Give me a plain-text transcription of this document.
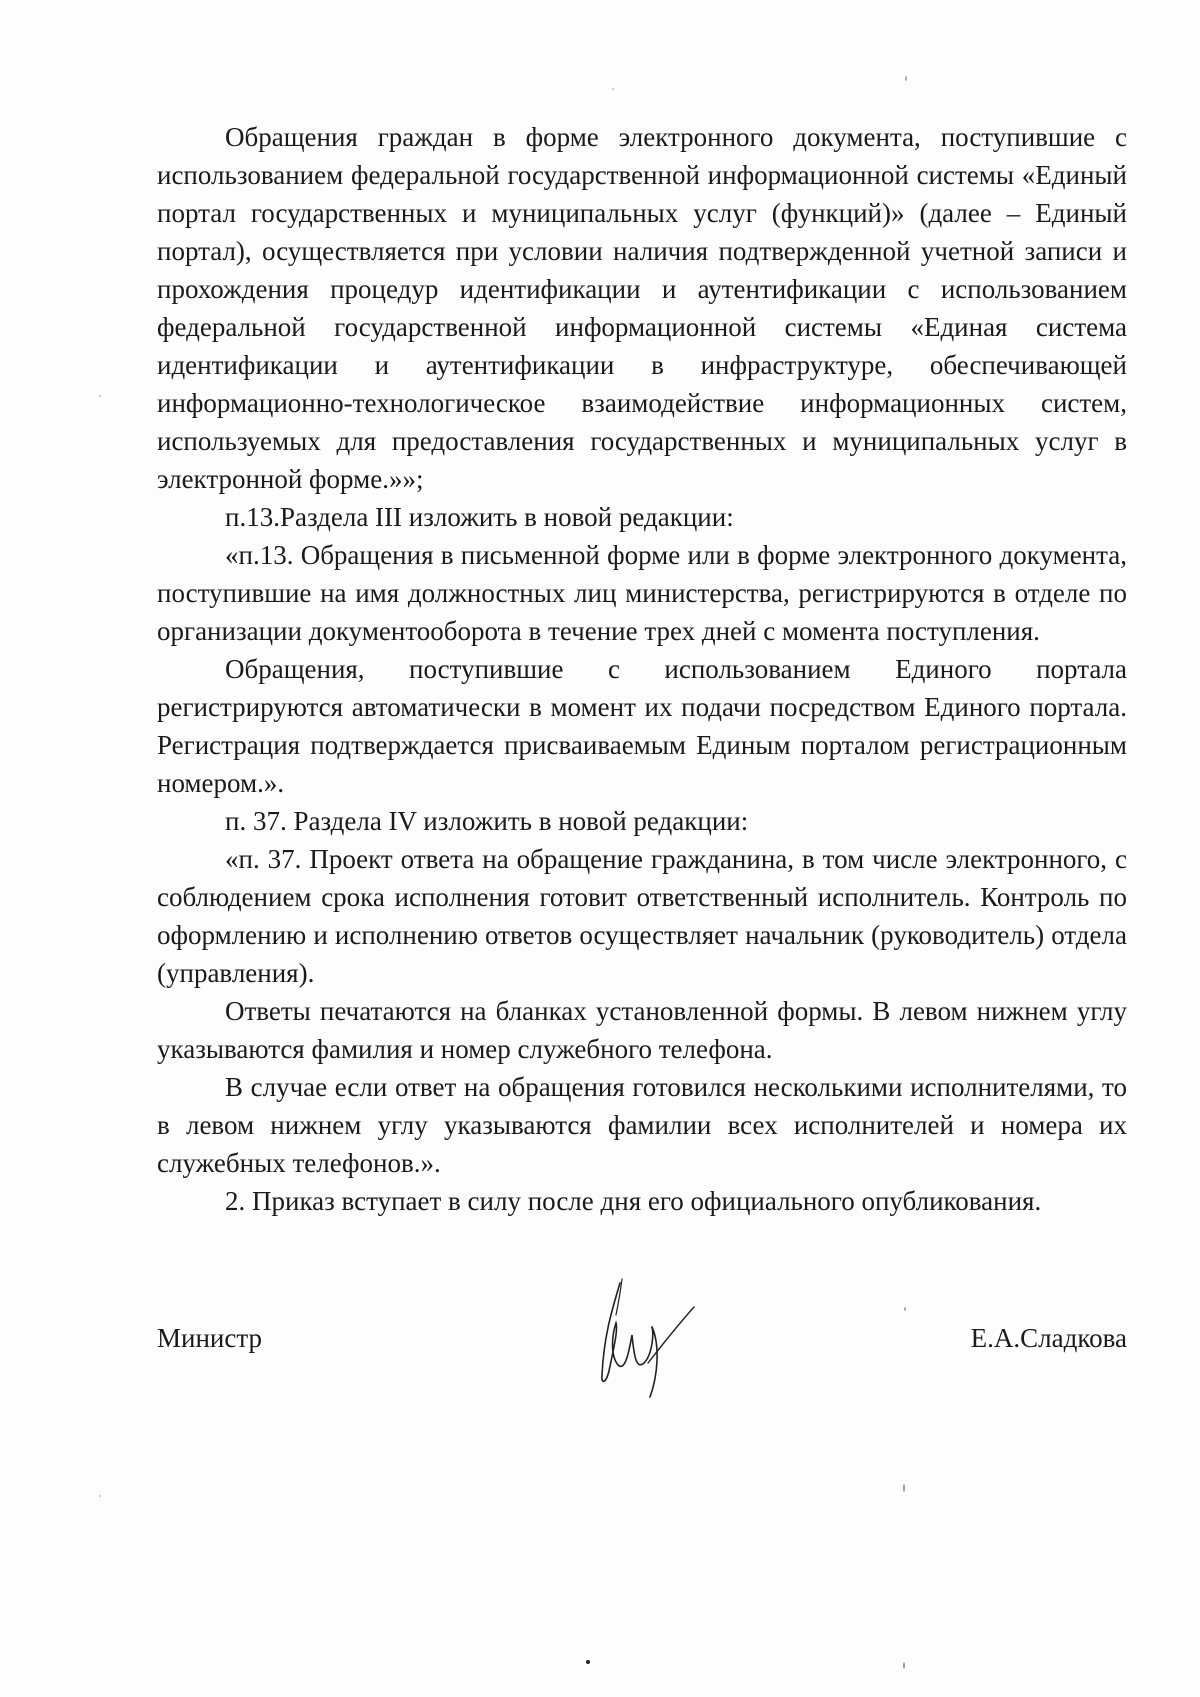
Обращения граждан в форме электронного документа, поступившие с использованием федеральной государственной информационной системы «Единый портал государственных и муниципальных услуг (функций)» (далее – Единый портал), осуществляется при условии наличия подтвержденной учетной записи и прохождения процедур идентификации и аутентификации с использованием федеральной государственной информационной системы «Единая система идентификации и аутентификации в инфраструктуре, обеспечивающей информационно-технологическое взаимодействие информационных систем, используемых для предоставления государственных и муниципальных услуг в электронной форме.»»;

п.13.Раздела III изложить в новой редакции:

«п.13. Обращения в письменной форме или в форме электронного документа, поступившие на имя должностных лиц министерства, регистрируются в отделе по организации документооборота в течение трех дней с момента поступления.

Обращения, поступившие с использованием Единого портала регистрируются автоматически в момент их подачи посредством Единого портала. Регистрация подтверждается присваиваемым Единым порталом регистрационным номером.».

п. 37. Раздела IV изложить в новой редакции:

«п. 37. Проект ответа на обращение гражданина, в том числе электронного, с соблюдением срока исполнения готовит ответственный исполнитель. Контроль по оформлению и исполнению ответов осуществляет начальник (руководитель) отдела (управления).

Ответы печатаются на бланках установленной формы. В левом нижнем углу указываются фамилия и номер служебного телефона.

В случае если ответ на обращения готовился несколькими исполнителями, то в левом нижнем углу указываются фамилии всех исполнителей и номера их служебных телефонов.».

2. Приказ вступает в силу после дня его официального опубликования.

Министр	Е.А.Сладкова
